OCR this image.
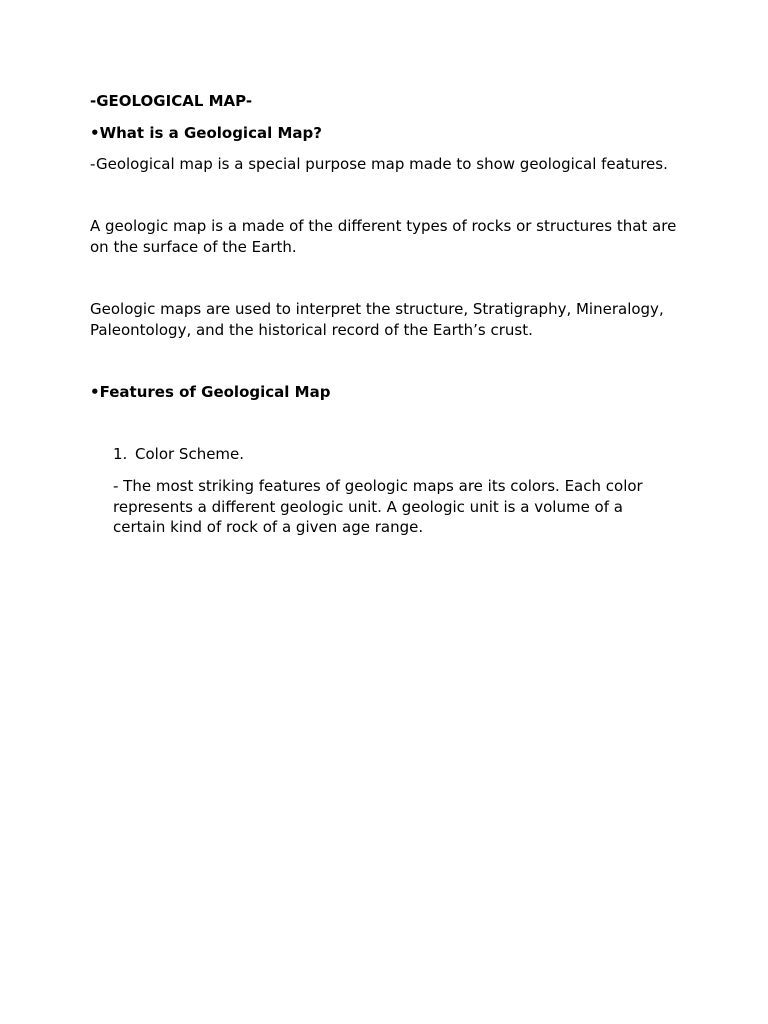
-GEOLOGICAL MAP-

•What is a Geological Map?

-Geological map is a special purpose map made to show geological features.

A geologic map is a made of the different types of rocks or structures that are on the surface of the Earth.

Geologic maps are used to interpret the structure, Stratigraphy, Mineralogy, Paleontology, and the historical record of the Earth’s crust.

•Features of Geological Map

1. Color Scheme.

- The most striking features of geologic maps are its colors. Each color represents a different geologic unit. A geologic unit is a volume of a certain kind of rock of a given age range.
